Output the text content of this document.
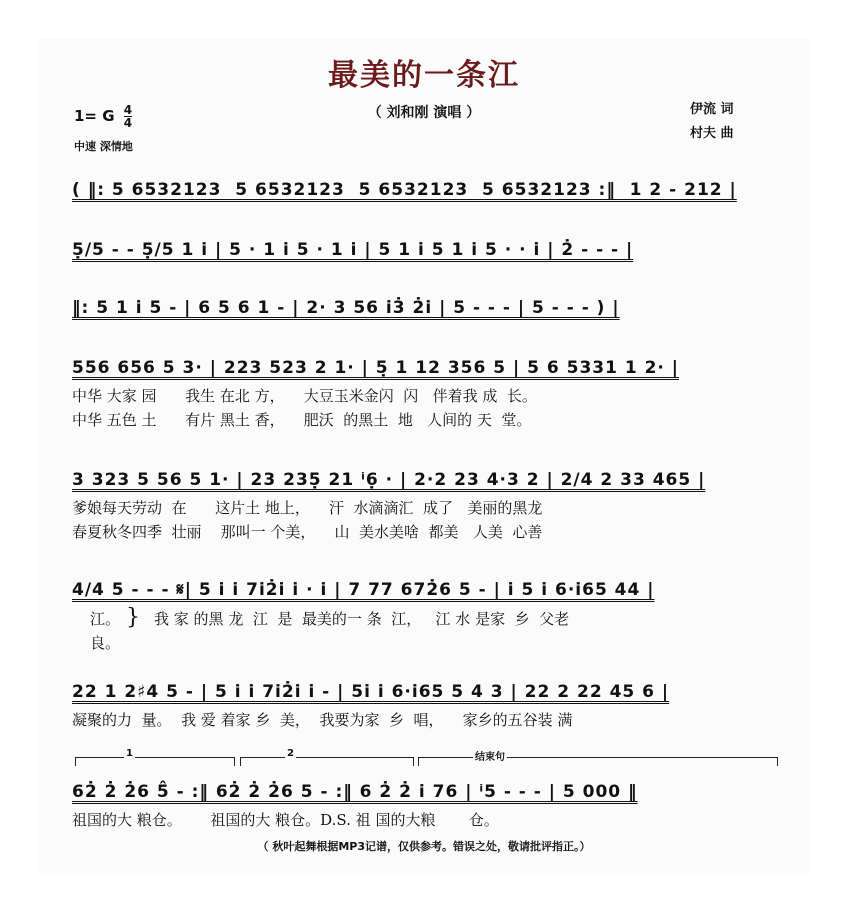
最美的一条江
（ 刘和刚 演唱 ）
1= G $\frac{4}{4}$
中速 深情地
伊流 词
村夫 曲
( ‖: 5 6532123  5 6532123  5 6532123  5 6532123 :‖  1 2 - 212 |
5̣/5 - - 5̣/5 1 i̇ | 5 · 1 i̇ 5 · 1 i̇ | 5 1 i̇ 5 1 i̇ 5 · · i̇ | 2̇ - - - |
‖: 5 1 i̇ 5 - | 6 5 6 1 - | 2· 3 56 i̇3̇ 2̇i̇ | 5 - - - | 5 - - - ) |
556 656 5 3· | 223 523 2 1· | 5̣ 1 12 356 5 | 5 6 5331 1 2· |
中华 大家 园      我生 在北 方，    大豆玉米金闪  闪   伴着我 成  长。
中华 五色 土      有片 黑土 香，    肥沃  的黑土  地   人间的 天  堂。
3 323 5 56 5 1· | 23 235̣ 21 ⁱ6̣ · | 2·2 23 4·3 2 | 2/4 2 33 465 |
爹娘每天劳动  在      这片土 地上，    汗  水滴滴汇  成了   美丽的黑龙
春夏秋冬四季  壮丽    那叫一 个美，    山  美水美啥  都美   人美  心善
4/4 5 - - - 𝄋| 5 i̇ i̇ 7i̇2̇i̇ i̇ · i̇ | 7 77 672̇6 5 - | i̇ 5 i̇ 6·i̇65 44 |
江。
良。
} 我 家 的黑 龙  江  是  最美的一 条  江，   江 水 是家  乡  父老
22 1 2♯4 5 - | 5 i̇ i̇ 7i̇2̇i̇ i̇ - | 5i̇ i̇ 6·i̇65 5 4 3 | 22 2 22 45 6 |
凝聚的力  量。  我 爱 着家 乡  美，  我要为家  乡  唱，    家乡的五谷装 满
1	2	结束句
62̇ 2̇ 2̇6 5̂ - :‖ 62̇ 2̇ 2̇6 5 - :‖ 6 2̇ 2̇ i̇ 76 | ⁱ5 - - - | 5 000 ‖
祖国的大 粮仓。      祖国的大 粮仓。D.S. 祖 国的大粮       仓。
（ 秋叶起舞根据MP3记谱，仅供参考。错误之处，敬请批评指正。）
